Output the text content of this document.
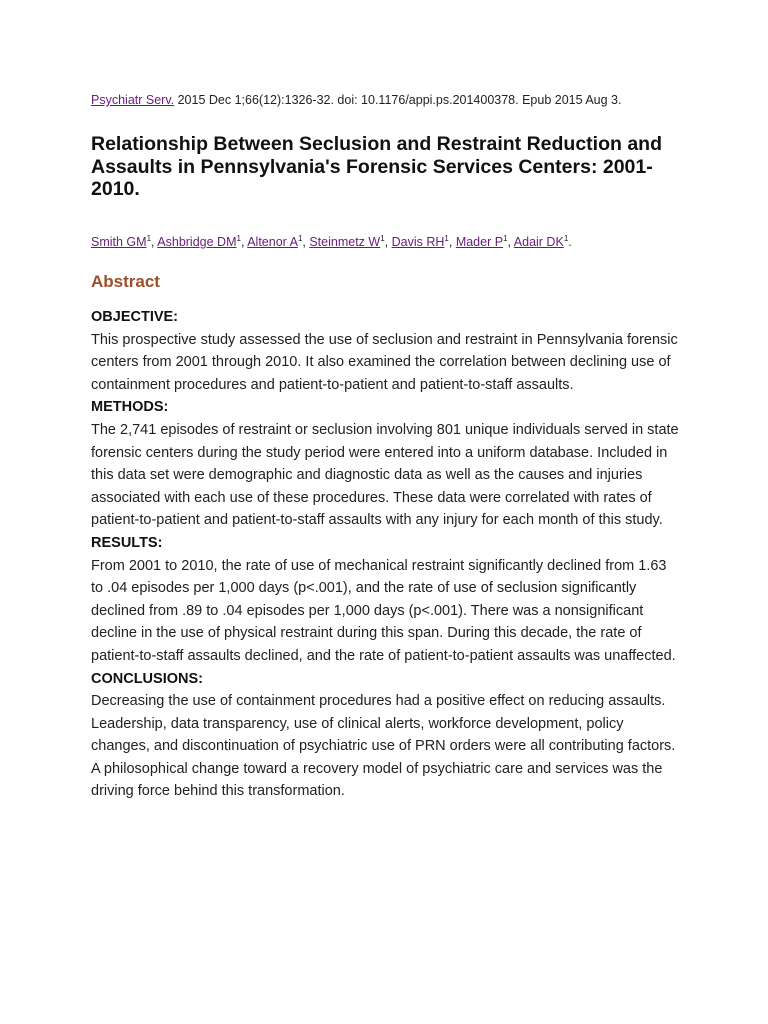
Psychiatr Serv. 2015 Dec 1;66(12):1326-32. doi: 10.1176/appi.ps.201400378. Epub 2015 Aug 3.
Relationship Between Seclusion and Restraint Reduction and Assaults in Pennsylvania's Forensic Services Centers: 2001-2010.
Smith $GM^1$, Ashbridge $DM^1$, Altenor $A^1$, Steinmetz $W^1$, Davis $RH^1$, Mader $P^1$, Adair $DK^1$.
Abstract
OBJECTIVE:

This prospective study assessed the use of seclusion and restraint in Pennsylvania forensic centers from 2001 through 2010. It also examined the correlation between declining use of containment procedures and patient-to-patient and patient-to-staff assaults.

METHODS:

The 2,741 episodes of restraint or seclusion involving 801 unique individuals served in state forensic centers during the study period were entered into a uniform database. Included in this data set were demographic and diagnostic data as well as the causes and injuries associated with each use of these procedures. These data were correlated with rates of patient-to-patient and patient-to-staff assaults with any injury for each month of this study.

RESULTS:

From 2001 to 2010, the rate of use of mechanical restraint significantly declined from 1.63 to .04 episodes per 1,000 days (p<.001), and the rate of use of seclusion significantly declined from .89 to .04 episodes per 1,000 days (p<.001). There was a nonsignificant decline in the use of physical restraint during this span. During this decade, the rate of patient-to-staff assaults declined, and the rate of patient-to-patient assaults was unaffected.

CONCLUSIONS:

Decreasing the use of containment procedures had a positive effect on reducing assaults. Leadership, data transparency, use of clinical alerts, workforce development, policy changes, and discontinuation of psychiatric use of PRN orders were all contributing factors. A philosophical change toward a recovery model of psychiatric care and services was the driving force behind this transformation.
